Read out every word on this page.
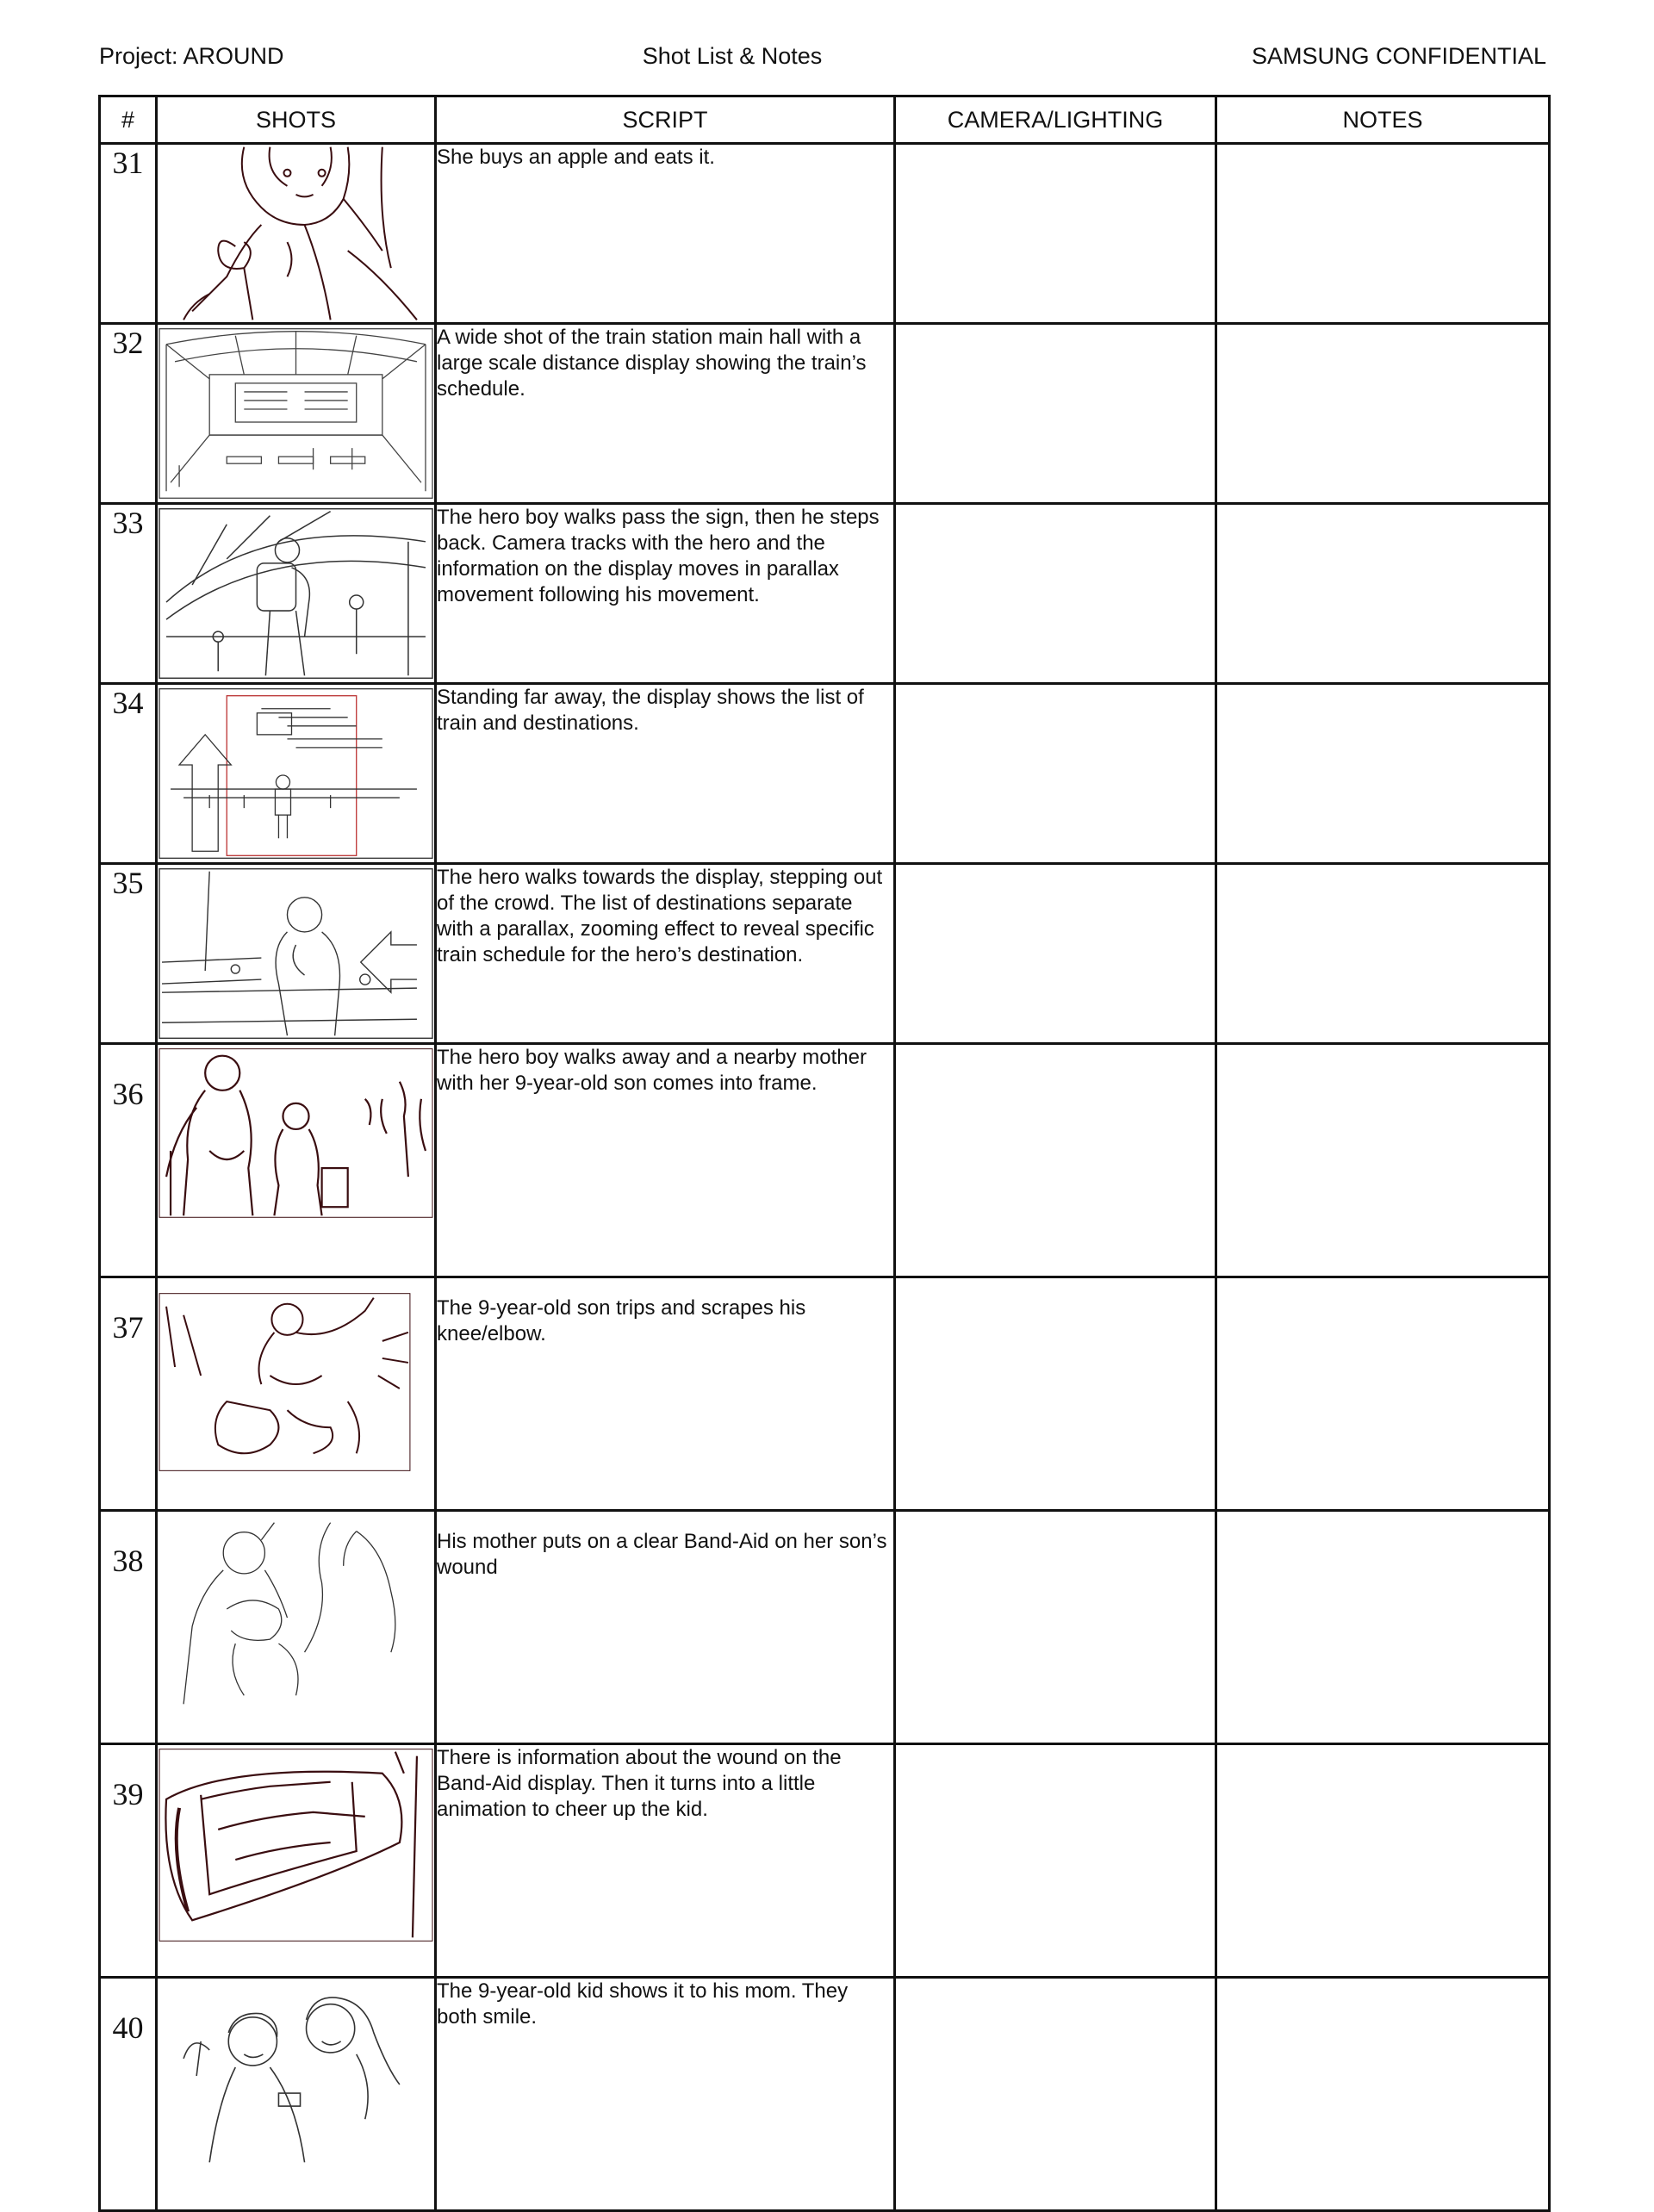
Project: AROUND	Shot List & Notes	SAMSUNG CONFIDENTIAL
#	SHOTS	SCRIPT	CAMERA/LIGHTING	NOTES
31		She buys an apple and eats it.		
32		A wide shot of the train station main hall with a large scale distance display showing the train’s schedule.		
33		The hero boy walks pass the sign, then he steps back. Camera tracks with the hero and the information on the display moves in parallax movement following his movement.		
34		Standing far away, the display shows the list of train and destinations.		
35		The hero walks towards the display, stepping out of the crowd. The list of destinations separate with a parallax, zooming effect to reveal specific train schedule for the hero’s destination.		
36		The hero boy walks away and a nearby mother with her 9-year-old son comes into frame.		
37		The 9-year-old son trips and scrapes his knee/elbow.		
38		His mother puts on a clear Band-Aid on her son’s wound		
39		There is information about the wound on the Band-Aid display. Then it turns into a little animation to cheer up the kid.		
40		The 9-year-old kid shows it to his mom. They both smile.		
